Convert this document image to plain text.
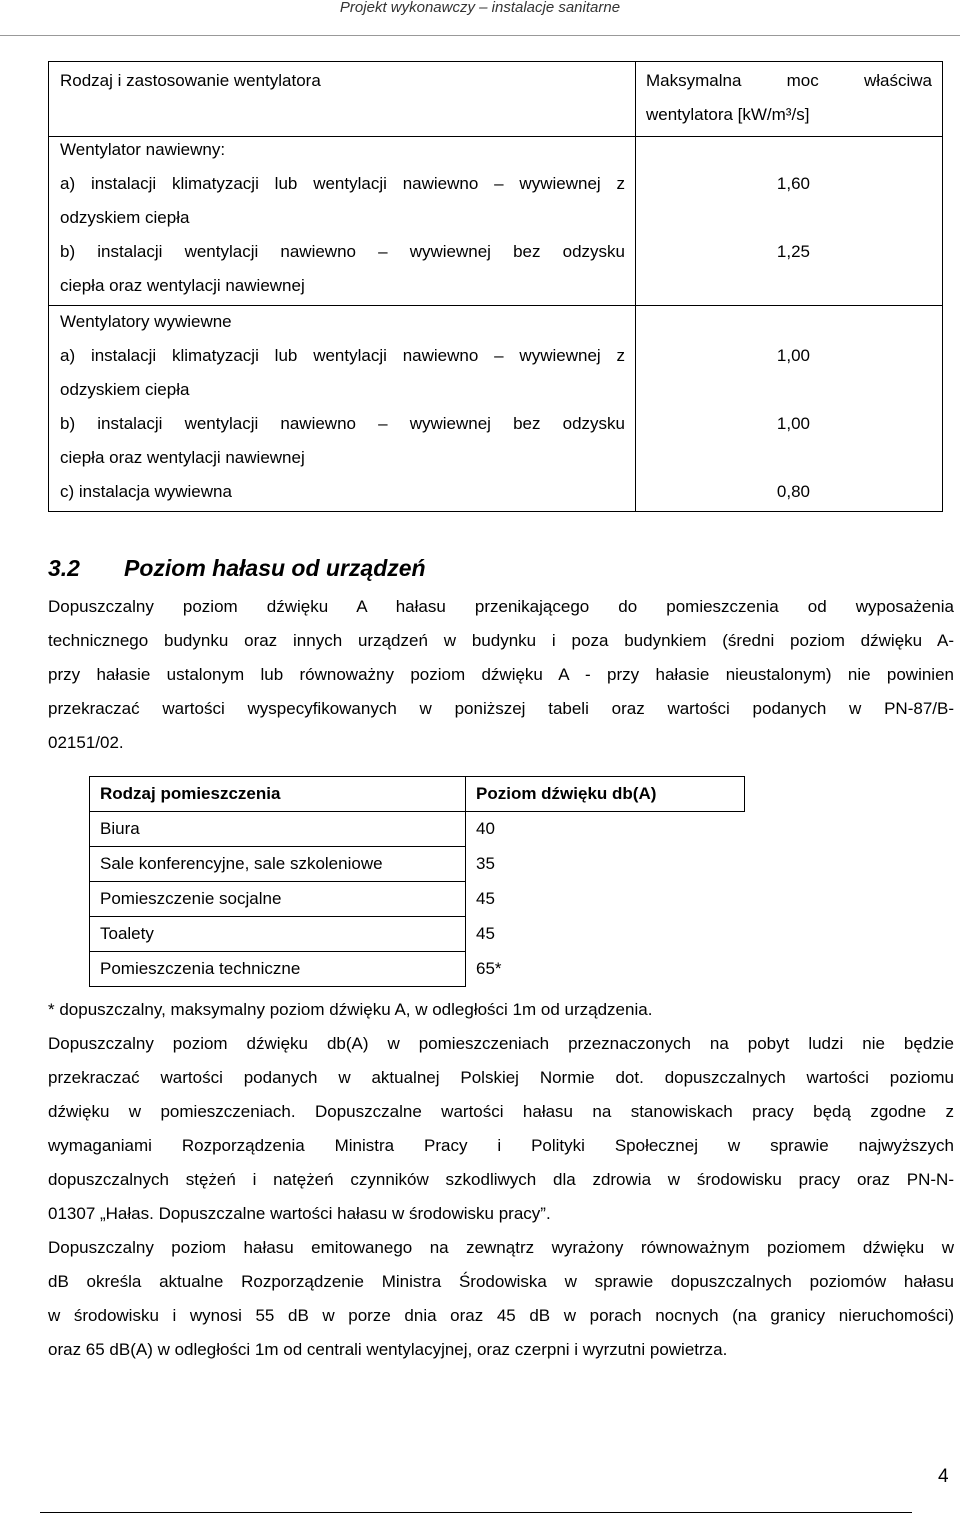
Projekt wykonawczy – instalacje sanitarne
Rodzaj i zastosowanie wentylatora	Maksymalna moc właściwa
wentylatora [kW/m³/s]
Wentylator nawiewny:
a) instalacji klimatyzacji lub wentylacji nawiewno – wywiewnej z
odzyskiem ciepła
1,60
b) instalacji wentylacji nawiewno – wywiewnej bez odzysku
ciepła oraz wentylacji nawiewnej
1,25
Wentylatory wywiewne
a) instalacji klimatyzacji lub wentylacji nawiewno – wywiewnej z
odzyskiem ciepła
1,00
b) instalacji wentylacji nawiewno – wywiewnej bez odzysku
ciepła oraz wentylacji nawiewnej
1,00
c) instalacja wywiewna	0,80
3.2 Poziom hałasu od urządzeń
Dopuszczalny poziom dźwięku A hałasu przenikającego do pomieszczenia od wyposażenia
technicznego budynku oraz innych urządzeń w budynku i poza budynkiem (średni poziom dźwięku A-
przy hałasie ustalonym lub równoważny poziom dźwięku A - przy hałasie nieustalonym) nie powinien
przekraczać wartości wyspecyfikowanych w poniższej tabeli oraz wartości podanych w PN-87/B-
02151/02.
Rodzaj pomieszczenia	Poziom dźwięku db(A)
Biura	40
Sale konferencyjne, sale szkoleniowe	35
Pomieszczenie socjalne	45
Toalety	45
Pomieszczenia techniczne	65*
* dopuszczalny, maksymalny poziom dźwięku A, w odległości 1m od urządzenia.
Dopuszczalny poziom dźwięku db(A) w pomieszczeniach przeznaczonych na pobyt ludzi nie będzie
przekraczać wartości podanych w aktualnej Polskiej Normie dot. dopuszczalnych wartości poziomu
dźwięku w pomieszczeniach. Dopuszczalne wartości hałasu na stanowiskach pracy będą zgodne z
wymaganiami Rozporządzenia Ministra Pracy i Polityki Społecznej w sprawie najwyższych
dopuszczalnych stężeń i natężeń czynników szkodliwych dla zdrowia w środowisku pracy oraz PN-N-
01307 „Hałas. Dopuszczalne wartości hałasu w środowisku pracy”.
Dopuszczalny poziom hałasu emitowanego na zewnątrz wyrażony równoważnym poziomem dźwięku w
dB określa aktualne Rozporządzenie Ministra Środowiska w sprawie dopuszczalnych poziomów hałasu
w środowisku i wynosi 55 dB w porze dnia oraz 45 dB w porach nocnych (na granicy nieruchomości)
oraz 65 dB(A) w odległości 1m od centrali wentylacyjnej, oraz czerpni i wyrzutni powietrza.
4
